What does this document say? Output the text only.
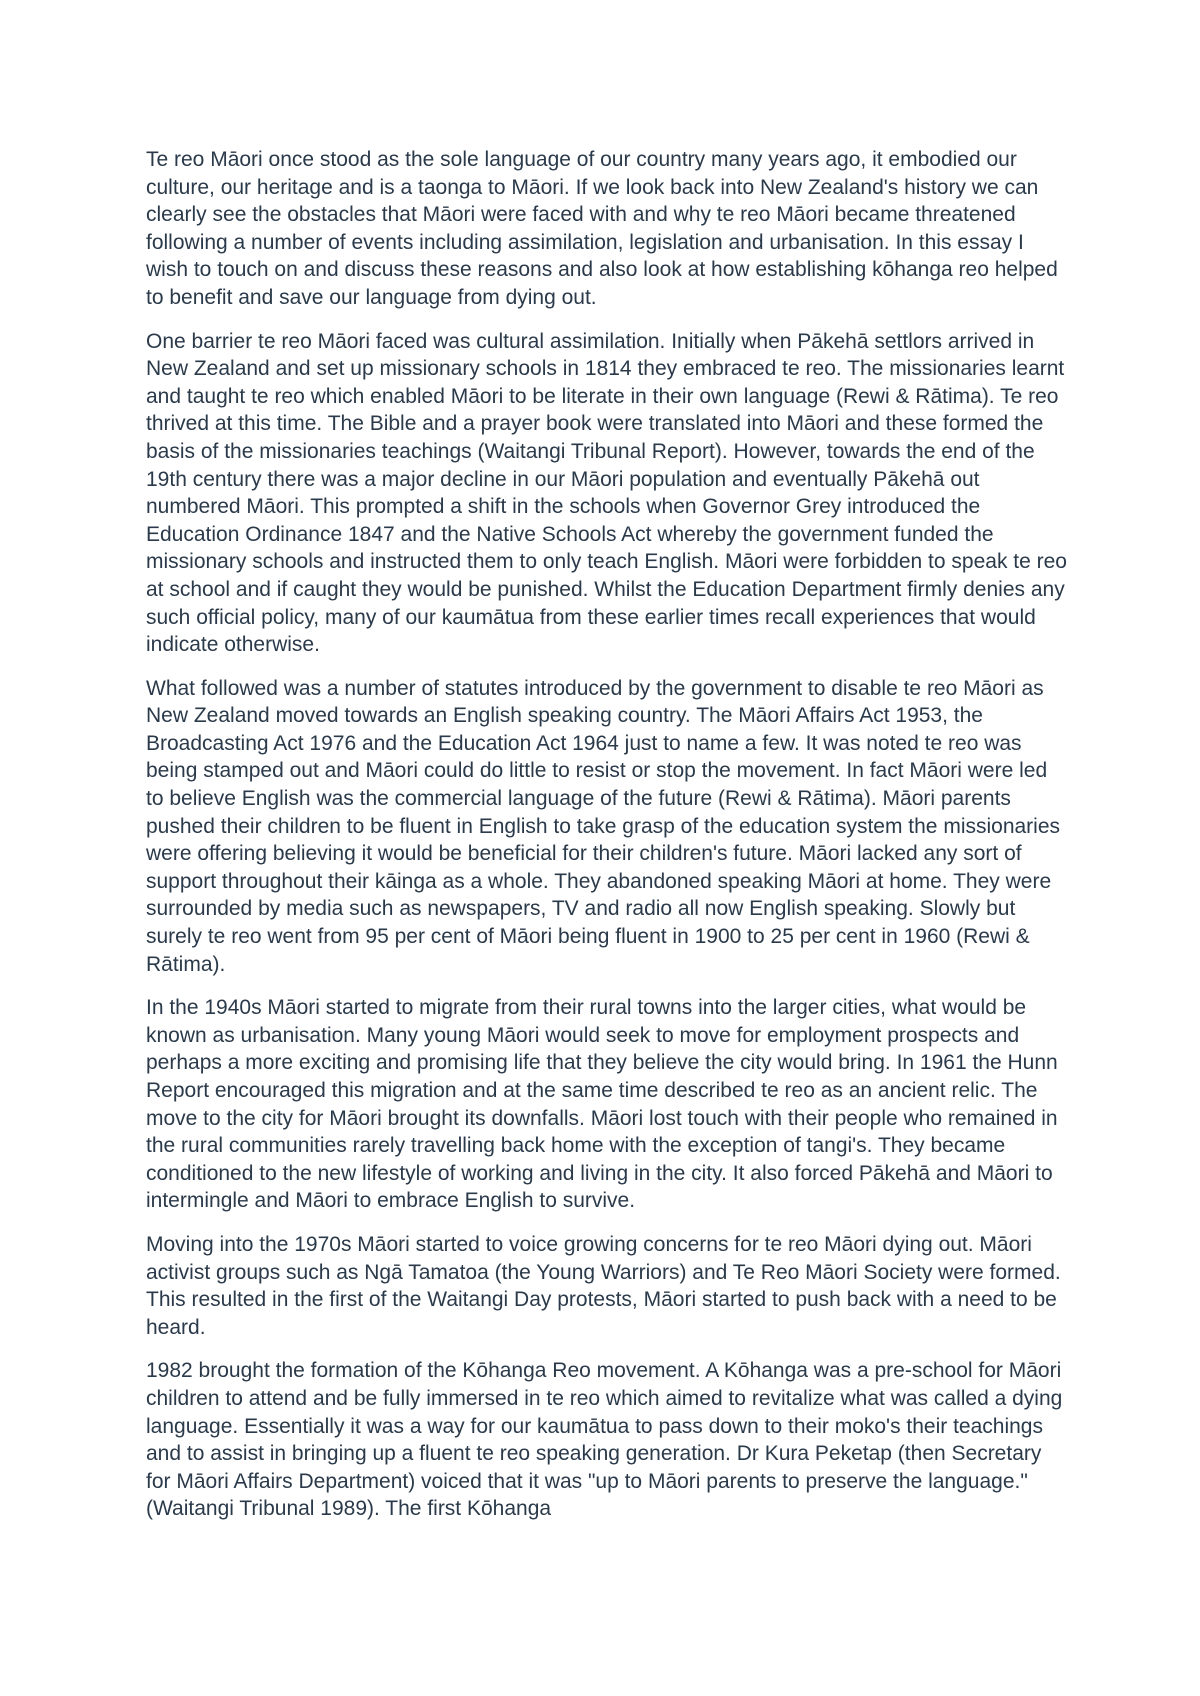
Te reo Māori once stood as the sole language of our country many years ago, it embodied our culture, our heritage and is a taonga to Māori. If we look back into New Zealand's history we can clearly see the obstacles that Māori were faced with and why te reo Māori became threatened following a number of events including assimilation, legislation and urbanisation. In this essay I wish to touch on and discuss these reasons and also look at how establishing kōhanga reo helped to benefit and save our language from dying out.

One barrier te reo Māori faced was cultural assimilation. Initially when Pākehā settlors arrived in New Zealand and set up missionary schools in 1814 they embraced te reo. The missionaries learnt and taught te reo which enabled Māori to be literate in their own language (Rewi & Rātima). Te reo thrived at this time. The Bible and a prayer book were translated into Māori and these formed the basis of the missionaries teachings (Waitangi Tribunal Report). However, towards the end of the 19th century there was a major decline in our Māori population and eventually Pākehā out numbered Māori. This prompted a shift in the schools when Governor Grey introduced the Education Ordinance 1847 and the Native Schools Act whereby the government funded the missionary schools and instructed them to only teach English. Māori were forbidden to speak te reo at school and if caught they would be punished. Whilst the Education Department firmly denies any such official policy, many of our kaumātua from these earlier times recall experiences that would indicate otherwise.

What followed was a number of statutes introduced by the government to disable te reo Māori as New Zealand moved towards an English speaking country. The Māori Affairs Act 1953, the Broadcasting Act 1976 and the Education Act 1964 just to name a few. It was noted te reo was being stamped out and Māori could do little to resist or stop the movement. In fact Māori were led to believe English was the commercial language of the future (Rewi & Rātima). Māori parents pushed their children to be fluent in English to take grasp of the education system the missionaries were offering believing it would be beneficial for their children's future. Māori lacked any sort of support throughout their kāinga as a whole. They abandoned speaking Māori at home. They were surrounded by media such as newspapers, TV and radio all now English speaking. Slowly but surely te reo went from 95 per cent of Māori being fluent in 1900 to 25 per cent in 1960 (Rewi & Rātima).

In the 1940s Māori started to migrate from their rural towns into the larger cities, what would be known as urbanisation. Many young Māori would seek to move for employment prospects and perhaps a more exciting and promising life that they believe the city would bring. In 1961 the Hunn Report encouraged this migration and at the same time described te reo as an ancient relic. The move to the city for Māori brought its downfalls. Māori lost touch with their people who remained in the rural communities rarely travelling back home with the exception of tangi's. They became conditioned to the new lifestyle of working and living in the city. It also forced Pākehā and Māori to intermingle and Māori to embrace English to survive.

Moving into the 1970s Māori started to voice growing concerns for te reo Māori dying out. Māori activist groups such as Ngā Tamatoa (the Young Warriors) and Te Reo Māori Society were formed. This resulted in the first of the Waitangi Day protests, Māori started to push back with a need to be heard.

1982 brought the formation of the Kōhanga Reo movement. A Kōhanga was a pre-school for Māori children to attend and be fully immersed in te reo which aimed to revitalize what was called a dying language. Essentially it was a way for our kaumātua to pass down to their moko's their teachings and to assist in bringing up a fluent te reo speaking generation. Dr Kura Peketap (then Secretary for Māori Affairs Department) voiced that it was "up to Māori parents to preserve the language." (Waitangi Tribunal 1989). The first Kōhanga
